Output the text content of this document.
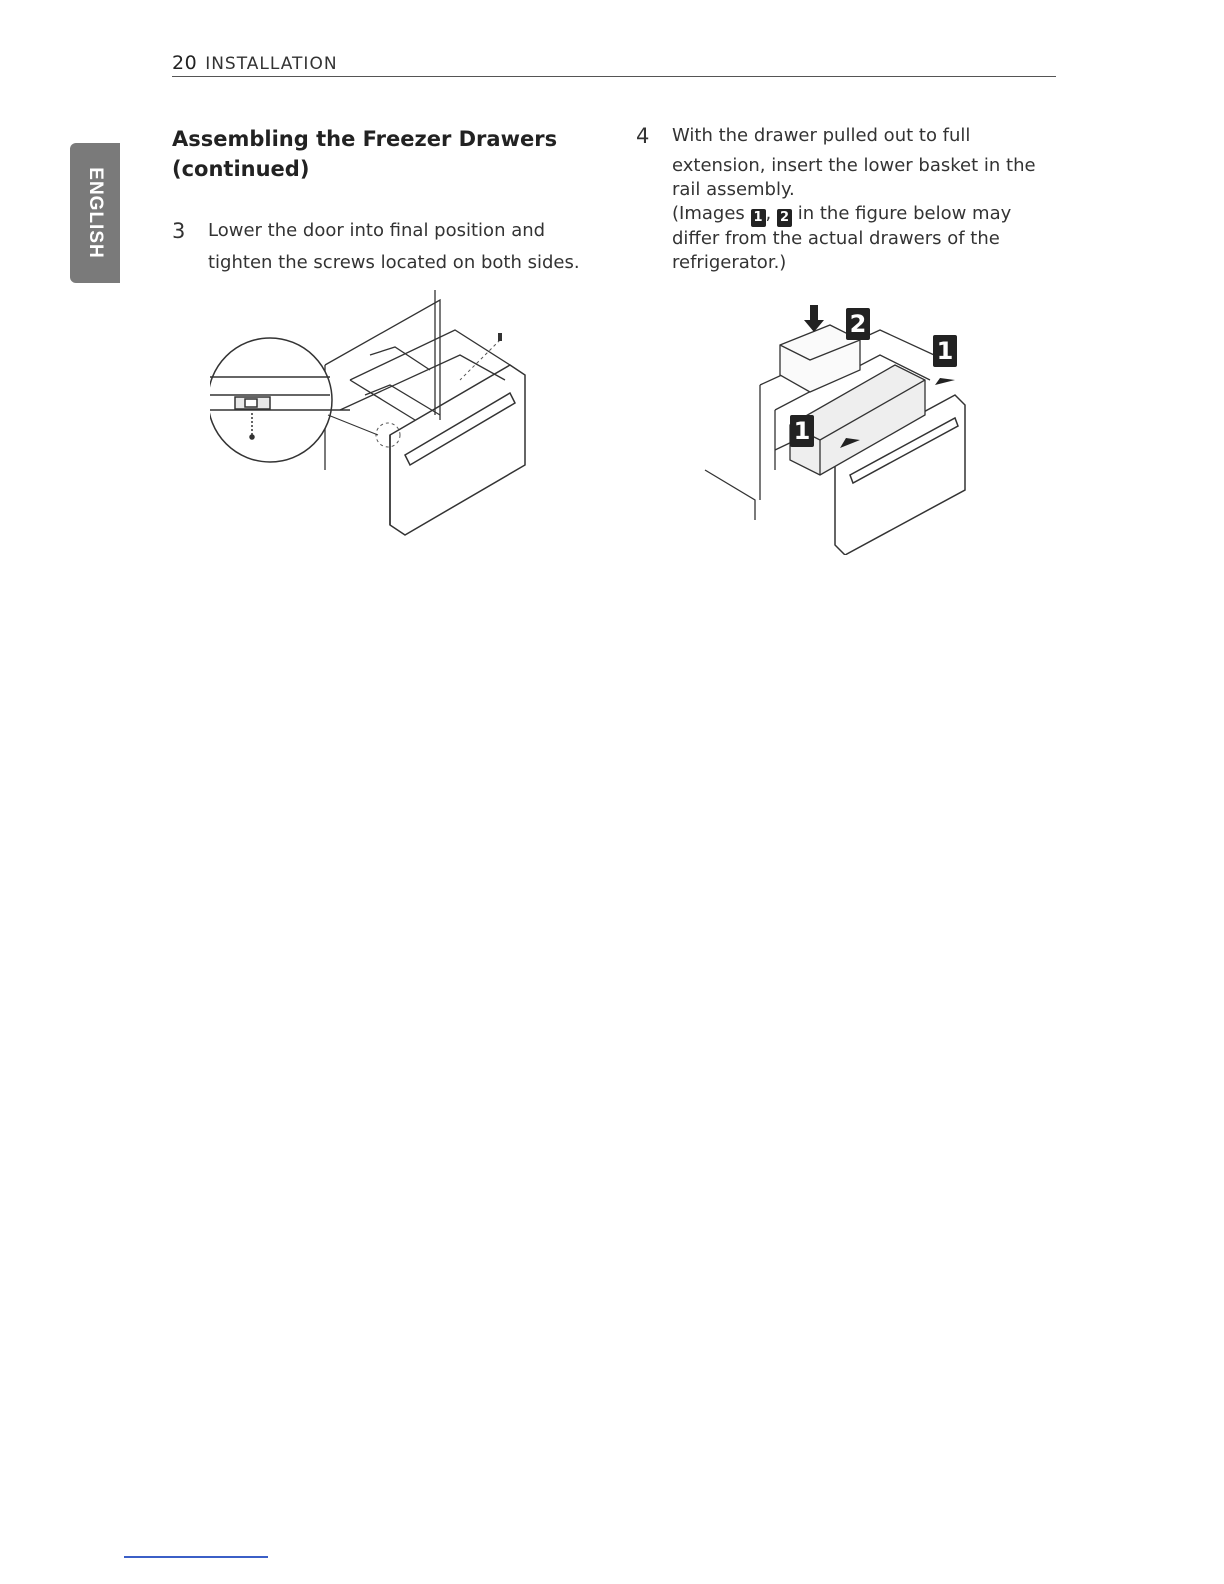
20 INSTALLATION
ENGLISH
Assembling the Freezer Drawers
(continued)
3 Lower the door into final position and
tighten the screws located on both sides.
4 With the drawer pulled out to full
extension, insert the lower basket in the
rail assembly.
(Images 1 , 2 in the figure below may
differ from the actual drawers of the
refrigerator.)
2
1
1
